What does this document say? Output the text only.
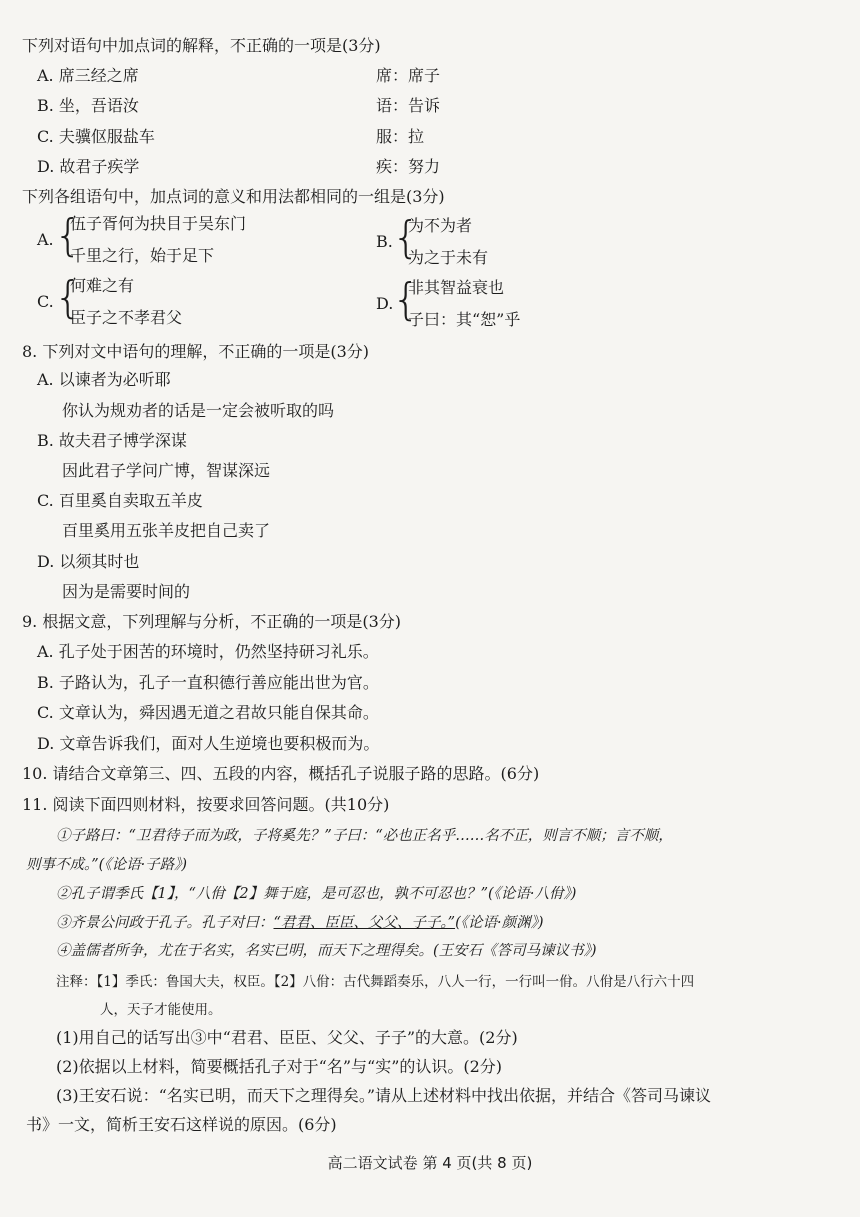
下列对语句中加点词的解释，不正确的一项是(3分)
A. 席三经之席	席：席子
B. 坐，吾语汝	语：告诉
C. 夫骥伛服盐车	服：拉
D. 故君子疾学	疾：努力
下列各组语句中，加点词的意义和用法都相同的一组是(3分)
A. {
伍子胥何为抉目于吴东门
千里之行，始于足下
B. {
为不为者
为之于未有
C. {
何难之有
臣子之不孝君父
D.
{
非其智益衰也
子曰：其“恕”乎
8. 下列对文中语句的理解，不正确的一项是(3分)
A. 以谏者为必听耶
你认为规劝者的话是一定会被听取的吗
B. 故夫君子博学深谋
因此君子学问广博，智谋深远
C. 百里奚自卖取五羊皮
百里奚用五张羊皮把自己卖了
D. 以须其时也
因为是需要时间的
9. 根据文意，下列理解与分析，不正确的一项是(3分)
A. 孔子处于困苦的环境时，仍然坚持研习礼乐。
B. 子路认为，孔子一直积德行善应能出世为官。
C. 文章认为，舜因遇无道之君故只能自保其命。
D. 文章告诉我们，面对人生逆境也要积极而为。
10. 请结合文章第三、四、五段的内容，概括孔子说服子路的思路。(6分)
11. 阅读下面四则材料，按要求回答问题。(共10分)
①子路曰：“卫君待子而为政，子将奚先？”子曰：“必也正名乎……名不正，则言不顺；言不顺，
则事不成。”(《论语·子路》)
②孔子谓季氏【1】，“八佾【2】舞于庭，是可忍也，孰不可忍也？”(《论语·八佾》)
③齐景公问政于孔子。孔子对曰：“君君、臣臣、父父、子子。”(《论语·颜渊》)
④盖儒者所争，尤在于名实，名实已明，而天下之理得矣。(王安石《答司马谏议书》)
注释：【1】季氏：鲁国大夫，权臣。【2】八佾：古代舞蹈奏乐，八人一行，一行叫一佾。八佾是八行六十四
人，天子才能使用。
(1)用自己的话写出③中“君君、臣臣、父父、子子”的大意。(2分)
(2)依据以上材料，简要概括孔子对于“名”与“实”的认识。(2分)
(3)王安石说：“名实已明，而天下之理得矣。”请从上述材料中找出依据，并结合《答司马谏议
书》一文，简析王安石这样说的原因。(6分)
高二语文试卷 第 4 页(共 8 页)
